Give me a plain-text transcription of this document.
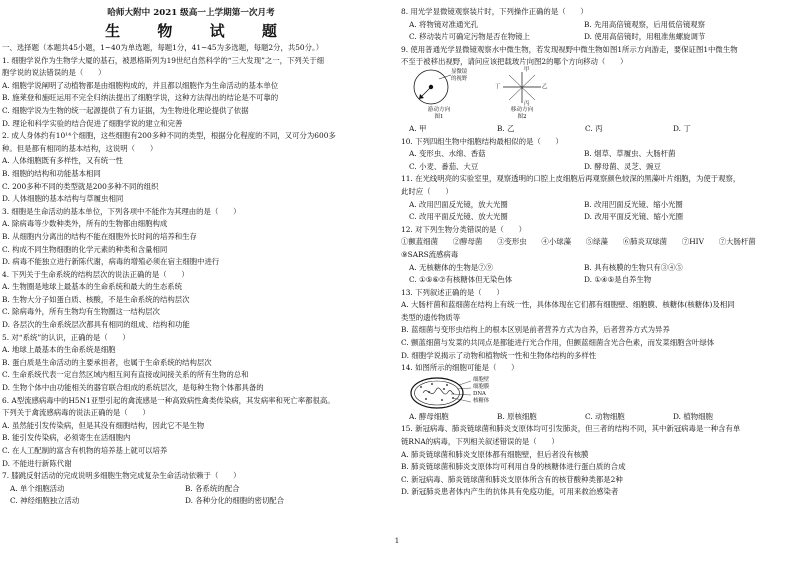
哈师大附中 2021 级高一上学期第一次月考
生 物 试 题
一、选择题（本题共45小题，1~40为单选题，每题1分，41~45为多选题，每题2分，共50分。）
1. 细胞学说作为生物学大厦的基石，被恩格斯列为19世纪自然科学的“三大发现”之一，下列关于细
胞学说的说法错误的是（　　）
A. 细胞学说阐明了动植物都是由细胞构成的，并且都以细胞作为生命活动的基本单位
B. 施莱登和施旺运用不完全归纳法提出了细胞学说，这种方法得出的结论是不可靠的
C. 细胞学说为生物的统一起源提供了有力证据，为生物进化理论提供了依据
D. 理论和科学实验的结合促进了细胞学说的建立和完善
2. 成人身体约有10¹⁴个细胞，这些细胞有200多种不同的类型，根据分化程度的不同，又可分为600多
种。但是都有相同的基本结构，这说明（　　）
A. 人体细胞既有多样性，又有统一性
B. 细胞的结构和功能基本相同
C. 200多种不同的类型就是200多种不同的组织
D. 人体细胞的基本结构与草履虫相同
3. 细胞是生命活动的基本单位，下列各项中不能作为其理由的是（　　）
A. 除病毒等少数种类外，所有的生物都由细胞构成
B. 从细胞内分离出的结构不能在细胞外长时间的培养和生存
C. 构成不同生物细胞的化学元素的种类和含量相同
D. 病毒不能独立进行新陈代谢，病毒的增殖必须在宿主细胞中进行
4. 下列关于生命系统的结构层次的说法正确的是（　　）
A. 生物圈是地球上最基本的生命系统和最大的生态系统
B. 生物大分子如蛋白质、核酸，不是生命系统的结构层次
C. 除病毒外，所有生物均有生物圈这一结构层次
D. 各层次的生命系统层次都具有相同的组成、结构和功能
5. 对“系统”的认识，正确的是（　　）
A. 地球上最基本的生命系统是细胞
B. 蛋白质是生命活动的主要承担者，也属于生命系统的结构层次
C. 生命系统代表一定自然区域内相互间有直接或间接关系的所有生物的总和
D. 生物个体中由功能相关的器官联合组成的系统层次，是每种生物个体都具备的
6. A型流感病毒中的H5N1亚型引起的禽流感是一种高致病性禽类传染病，其发病率和死亡率都很高。
下列关于禽流感病毒的说法正确的是（　　）
A. 虽然能引发传染病，但是其没有细胞结构，因此它不是生物
B. 能引发传染病，必须寄生在活细胞内
C. 在人工配制的富含有机物的培养基上就可以培养
D. 不能进行新陈代谢
7. 膝跳反射活动的完成说明多细胞生物完成复杂生命活动依赖于（　　）
A. 单个细胞活动	B. 各系统的配合
C. 神经细胞独立活动	D. 各种分化的细胞的密切配合
8. 用光学显微镜观察装片时，下列操作正确的是（　　）
A. 将物镜对准通光孔	B. 先用高倍镜观察，后用低倍镜观察
C. 移动装片可确定污物是否在物镜上	D. 使用高倍镜时，用粗准焦螺旋调节
9. 使用普通光学显微镜观察水中微生物，若发现视野中微生物如图1所示方向游走，要保证图1中微生物
不至于被移出视野，请问应该把载玻片向图2的哪个方向移动（　　）
显微镜
的视野
游动方向
图1
甲
乙
丙
丁
移动方向
图2
A. 甲	B. 乙	C. 丙	D. 丁
10. 下列四组生物中细胞结构最相似的是（　　）
A. 变形虫、水绵、香菇	B. 烟草、草履虫、大肠杆菌
C. 小麦、番茄、大豆	D. 酵母菌、灵芝、豌豆
11. 在光线明亮的实验室里，观察透明的口腔上皮细胞后再观察颜色较深的黑藻叶片细胞，为使于观察，
此时应（　　）
A. 改用凹面反光镜，放大光圈	B. 改用凹面反光镜、缩小光圈
C. 改用平面反光镜、放大光圈	D. 改用平面反光镜、缩小光圈
12. 对下列生物分类错误的是（　　）
①颤蓝细菌　　②酵母菌　　③变形虫　　④小球藻　　⑤绿藻　　⑥肺炎双球菌　　⑦HIV　　⑦大肠杆菌
⑨SARS流感病毒
A. 无核糖体的生物是⑦⑨	B. 具有核膜的生物只有③④⑤
C. ①⑤⑥⑦有核糖体但无染色体	D. ①④⑤是自养生物
13. 下列叙述正确的是（　　）
A. 大肠杆菌和蓝细菌在结构上有统一性，具体体现在它们都有细胞壁、细胞膜、核糖体(核糖体)及相同
类型的遗传物质等
B. 蓝细菌与变形虫结构上的根本区别是前者营养方式为自养，后者营养方式为异养
C. 颤蓝细菌与发菜的共同点是都能进行光合作用，但颤蓝细菌含光合色素，而发菜细胞含叶绿体
D. 细胞学说揭示了动物和植物统一性和生物体结构的多样性
14. 如图所示的细胞可能是（　　）
细胞壁
细胞膜
DNA
核糖体
A. 酵母细胞	B. 原核细胞	C. 动物细胞	D. 植物细胞
15. 新冠病毒、肺炎链球菌和肺炎支原体均可引发肺炎，但三者的结构不同，其中新冠病毒是一种含有单
链RNA的病毒，下列相关叙述错误的是（　　）
A. 肺炎链球菌和肺炎支原体都有细胞壁，但后者没有核膜
B. 肺炎链球菌和肺炎支原体均可利用自身的核糖体进行蛋白质的合成
C. 新冠病毒、肺炎链球菌和肺炎支原体所含有的核苷酸种类都是2种
D. 新冠肺炎患者体内产生的抗体具有免疫功能，可用来救治感染者
1
